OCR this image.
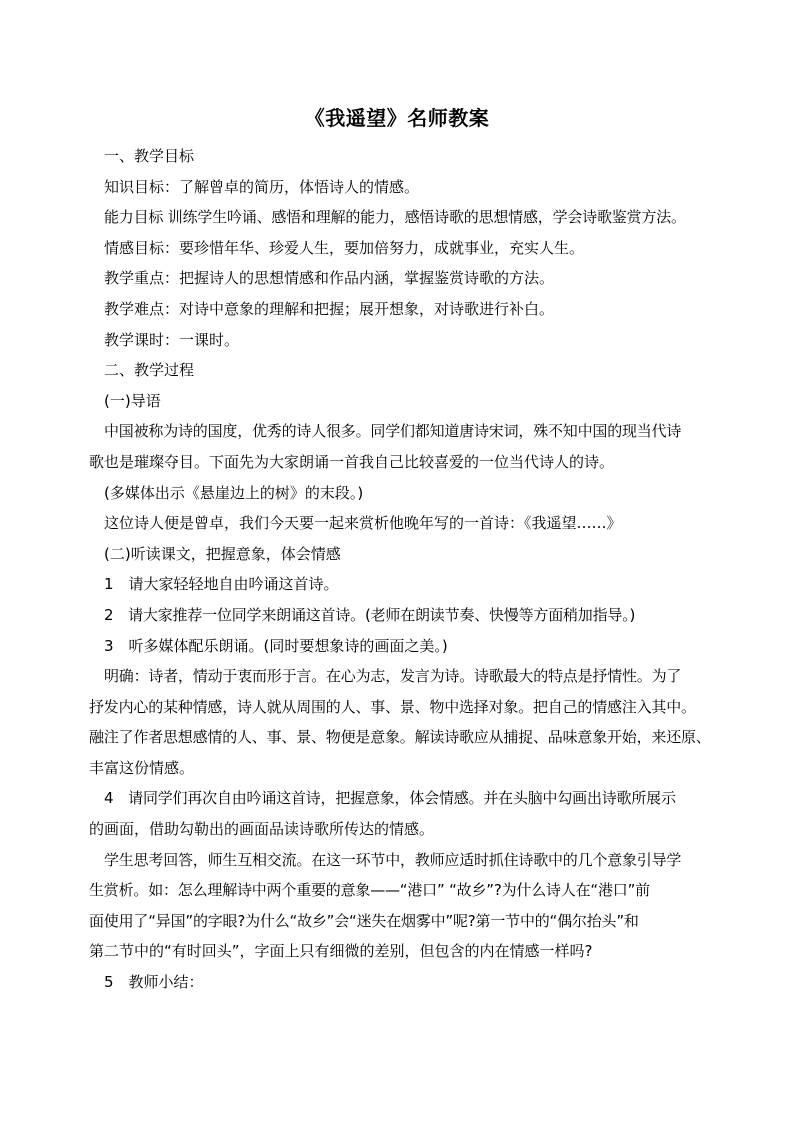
《我遥望》名师教案
一、教学目标
知识目标：了解曾卓的简历，体悟诗人的情感。
能力目标 训练学生吟诵、感悟和理解的能力，感悟诗歌的思想情感，学会诗歌鉴赏方法。
情感目标：要珍惜年华、珍爱人生，要加倍努力，成就事业，充实人生。
教学重点：把握诗人的思想情感和作品内涵，掌握鉴赏诗歌的方法。
教学难点：对诗中意象的理解和把握；展开想象，对诗歌进行补白。
教学课时：一课时。
二、教学过程
(一)导语
中国被称为诗的国度，优秀的诗人很多。同学们都知道唐诗宋词，殊不知中国的现当代诗
歌也是璀璨夺目。下面先为大家朗诵一首我自己比较喜爱的一位当代诗人的诗。
(多媒体出示《悬崖边上的树》的末段。)
这位诗人便是曾卓，我们今天要一起来赏析他晚年写的一首诗：《我遥望……》
(二)听读课文，把握意象，体会情感
1　请大家轻轻地自由吟诵这首诗。
2　请大家推荐一位同学来朗诵这首诗。(老师在朗读节奏、快慢等方面稍加指导。)
3　听多媒体配乐朗诵。(同时要想象诗的画面之美。)
明确：诗者，情动于衷而形于言。在心为志，发言为诗。诗歌最大的特点是抒情性。为了
抒发内心的某种情感，诗人就从周围的人、事、景、物中选择对象。把自己的情感注入其中。
融注了作者思想感情的人、事、景、物便是意象。解读诗歌应从捕捉、品味意象开始，来还原、
丰富这份情感。
4　请同学们再次自由吟诵这首诗，把握意象，体会情感。并在头脑中勾画出诗歌所展示
的画面，借助勾勒出的画面品读诗歌所传达的情感。
学生思考回答，师生互相交流。在这一环节中，教师应适时抓住诗歌中的几个意象引导学
生赏析。如：怎么理解诗中两个重要的意象——“港口” “故乡”?为什么诗人在“港口”前
面使用了“异国”的字眼?为什么“故乡”会“迷失在烟雾中”呢?第一节中的“偶尔抬头”和
第二节中的“有时回头”，字面上只有细微的差别，但包含的内在情感一样吗?
5　教师小结：
